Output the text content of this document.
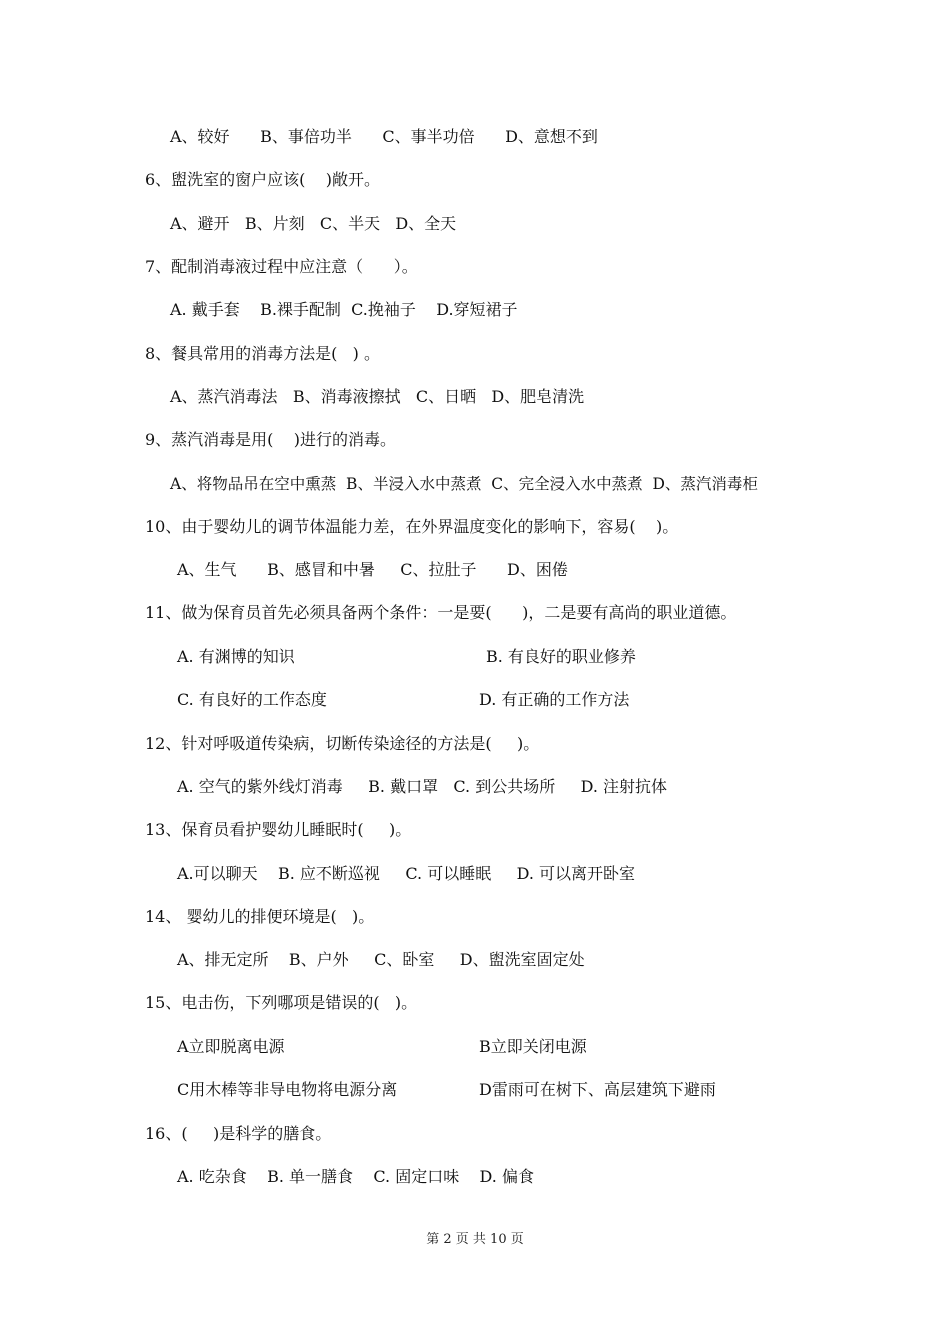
A、较好      B、事倍功半      C、事半功倍      D、意想不到
6、盥洗室的窗户应该(    )敞开。
A、避开   B、片刻   C、半天   D、全天
7、配制消毒液过程中应注意（      ）。
A. 戴手套    B.裸手配制  C.挽袖子    D.穿短裙子
8、餐具常用的消毒方法是(   ) 。
A、蒸汽消毒法   B、消毒液擦拭   C、日晒   D、肥皂清洗
9、蒸汽消毒是用(    )进行的消毒。
A、将物品吊在空中熏蒸  B、半浸入水中蒸煮  C、完全浸入水中蒸煮  D、蒸汽消毒柜
10、由于婴幼儿的调节体温能力差，在外界温度变化的影响下，容易(    )。
A、生气      B、感冒和中暑     C、拉肚子      D、困倦
11、做为保育员首先必须具备两个条件：一是要(      )，二是要有高尚的职业道德。
A. 有渊博的知识	B. 有良好的职业修养
C. 有良好的工作态度	D. 有正确的工作方法
12、针对呼吸道传染病，切断传染途径的方法是(     )。
A. 空气的紫外线灯消毒     B. 戴口罩   C. 到公共场所     D. 注射抗体
13、保育员看护婴幼儿睡眠时(     )。
A.可以聊天    B. 应不断巡视     C. 可以睡眠     D. 可以离开卧室
14、 婴幼儿的排便环境是(   )。
A、排无定所    B、户外     C、卧室     D、盥洗室固定处
15、电击伤，下列哪项是错误的(   )。
A立即脱离电源	B立即关闭电源
C用木棒等非导电物将电源分离	D雷雨可在树下、高层建筑下避雨
16、(     )是科学的膳食。
A. 吃杂食    B. 单一膳食    C. 固定口味    D. 偏食
第 2 页 共 10 页
